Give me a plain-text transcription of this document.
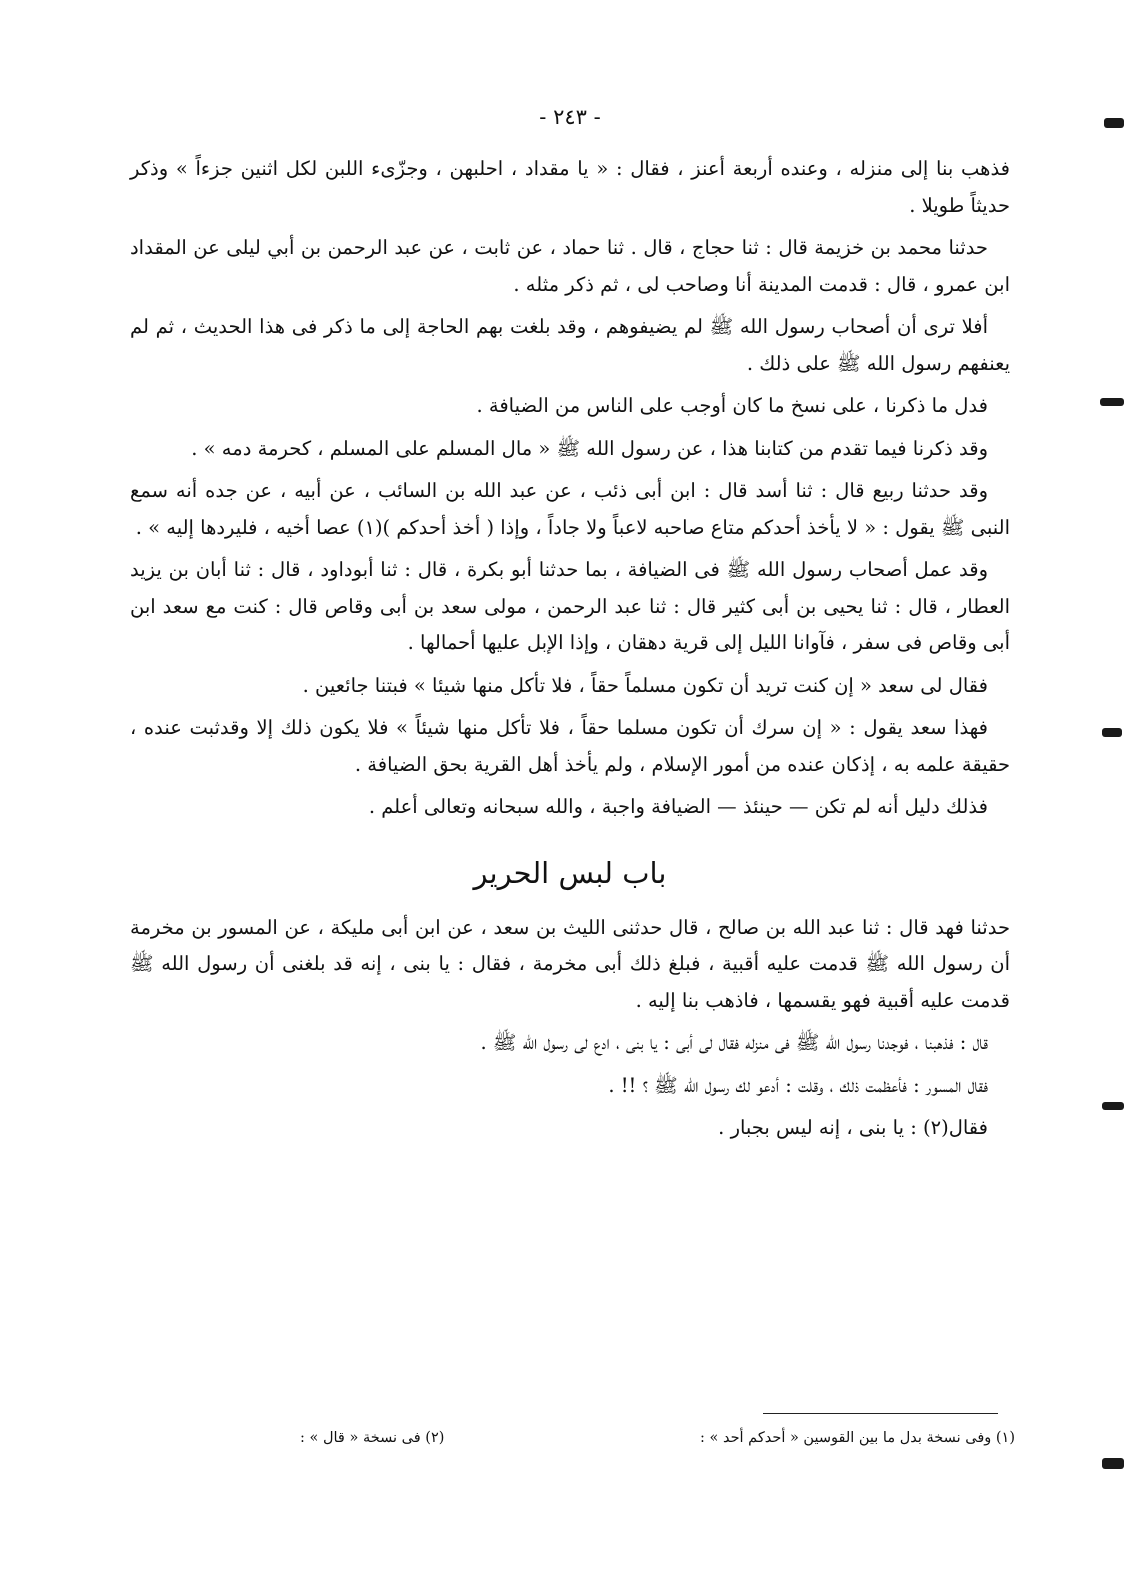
- ٢٤٣ -

فذهب بنا إلى منزله ، وعنده أربعة أعنز ، فقال : « يا مقداد ، احلبهن ، وجزّىء اللبن لكل اثنين جزءاً » وذكر حديثاً طويلا .

حدثنا محمد بن خزيمة قال : ثنا حجاج ، قال . ثنا حماد ، عن ثابت ، عن عبد الرحمن بن أبي ليلى عن المقداد ابن عمرو ، قال : قدمت المدينة أنا وصاحب لى ، ثم ذكر مثله .

أفلا ترى أن أصحاب رسول الله ﷺ لم يضيفوهم ، وقد بلغت بهم الحاجة إلى ما ذكر فى هذا الحديث ، ثم لم يعنفهم رسول الله ﷺ على ذلك .

فدل ما ذكرنا ، على نسخ ما كان أوجب على الناس من الضيافة .

وقد ذكرنا فيما تقدم من كتابنا هذا ، عن رسول الله ﷺ « مال المسلم على المسلم ، كحرمة دمه » .

وقد حدثنا ربيع قال : ثنا أسد قال : ابن أبى ذئب ، عن عبد الله بن السائب ، عن أبيه ، عن جده أنه سمع النبى ﷺ يقول : « لا يأخذ أحدكم متاع صاحبه لاعباً ولا جاداً ، وإذا ( أخذ أحدكم )(١) عصا أخيه ، فليردها إليه » .

وقد عمل أصحاب رسول الله ﷺ فى الضيافة ، بما حدثنا أبو بكرة ، قال : ثنا أبوداود ، قال : ثنا أبان بن يزيد العطار ، قال : ثنا يحيى بن أبى كثير قال : ثنا عبد الرحمن ، مولى سعد بن أبى وقاص قال : كنت مع سعد ابن أبى وقاص فى سفر ، فآوانا الليل إلى قرية دهقان ، وإذا الإبل عليها أحمالها .

فقال لى سعد « إن كنت تريد أن تكون مسلماً حقاً ، فلا تأكل منها شيئا » فبتنا جائعين .

فهذا سعد يقول : « إن سرك أن تكون مسلما حقاً ، فلا تأكل منها شيئاً » فلا يكون ذلك إلا وقدثبت عنده ، حقيقة علمه به ، إذكان عنده من أمور الإسلام ، ولم يأخذ أهل القرية بحق الضيافة .

فذلك دليل أنه لم تكن — حينئذ — الضيافة واجبة ، والله سبحانه وتعالى أعلم .

باب لبس الحرير

حدثنا فهد قال : ثنا عبد الله بن صالح ، قال حدثنى الليث بن سعد ، عن ابن أبى مليكة ، عن المسور بن مخرمة أن رسول الله ﷺ قدمت عليه أقبية ، فبلغ ذلك أبى مخرمة ، فقال : يا بنى ، إنه قد بلغنى أن رسول الله ﷺ قدمت عليه أقبية فهو يقسمها ، فاذهب بنا إليه .

قال : فذهبنا ، فوجدنا رسول الله ﷺ فى منزله فقال لى أبى : يا بنى ، ادع لى رسول الله ﷺ .

فقال المسور : فأعظمت ذلك ، وقلت : أدعو لك رسول الله ﷺ ؟ !! .

فقال(٢) : يا بنى ، إنه ليس بجبار .

(١) وفى نسخة بدل ما بين القوسين « أحدكم أحد » :
(٢) فى نسخة « قال » :
